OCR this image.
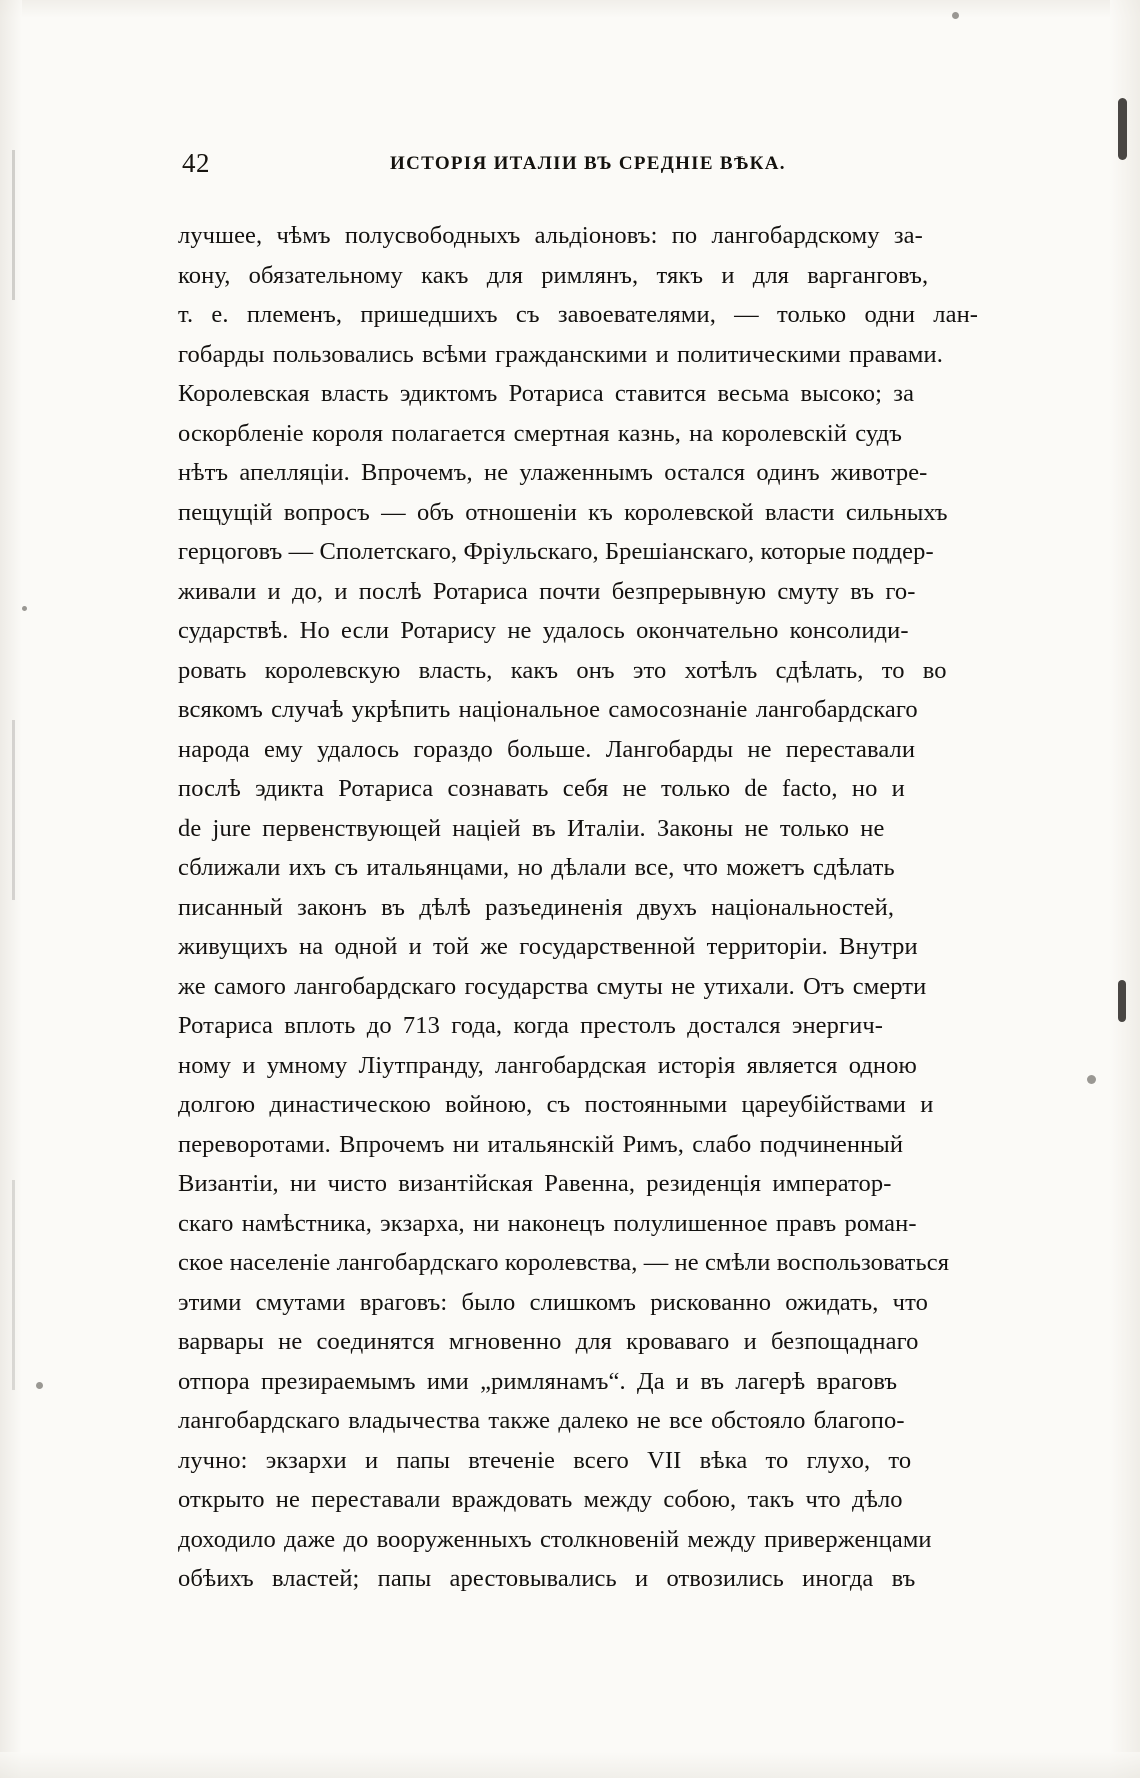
42	ИСТОРІЯ ИТАЛІИ ВЪ СРЕДНІЕ ВѢКА.
лучшее, чѣмъ полусвободныхъ альдіоновъ: по лангобардскому за-
кону, обязательному какъ для римлянъ, тякъ и для варганговъ,
т. е. племенъ, пришедшихъ съ завоевателями, — только одни лан-
гобарды пользовались всѣми гражданскими и политическими правами.
Королевская власть эдиктомъ Ротариса ставится весьма высоко; за
оскорбленіе короля полагается смертная казнь, на королевскій судъ
нѣтъ апелляціи. Впрочемъ, не улаженнымъ остался одинъ животре-
пещущій вопросъ — объ отношеніи къ королевской власти сильныхъ
герцоговъ — Сполетскаго, Фріульскаго, Брешіанскаго, которые поддер-
живали и до, и послѣ Ротариса почти безпрерывную смуту въ го-
сударствѣ. Но если Ротарису не удалось окончательно консолиди-
ровать королевскую власть, какъ онъ это хотѣлъ сдѣлать, то во
всякомъ случаѣ укрѣпить національное самосознаніе лангобардскаго
народа ему удалось гораздо больше. Лангобарды не переставали
послѣ эдикта Ротариса сознавать себя не только de facto, но и
de jure первенствующей націей въ Италіи. Законы не только не
сближали ихъ съ итальянцами, но дѣлали все, что можетъ сдѣлать
писанный законъ въ дѣлѣ разъединенія двухъ національностей,
живущихъ на одной и той же государственной территоріи. Внутри
же самого лангобардскаго государства смуты не утихали. Отъ смерти
Ротариса вплоть до 713 года, когда престолъ достался энергич-
ному и умному Ліутпранду, лангобардская исторія является одною
долгою династическою войною, съ постоянными цареубійствами и
переворотами. Впрочемъ ни итальянскій Римъ, слабо подчиненный
Византіи, ни чисто византійская Равенна, резиденція император-
скаго намѣстника, экзарха, ни наконецъ полулишенное правъ роман-
ское населеніе лангобардскаго королевства, — не смѣли воспользоваться
этими смутами враговъ: было слишкомъ рискованно ожидать, что
варвары не соединятся мгновенно для кроваваго и безпощаднаго
отпора презираемымъ ими „римлянамъ“. Да и въ лагерѣ враговъ
лангобардскаго владычества также далеко не все обстояло благопо-
лучно: экзархи и папы втеченіе всего VII вѣка то глухо, то
открыто не переставали враждовать между собою, такъ что дѣло
доходило даже до вооруженныхъ столкновеній между приверженцами
обѣихъ властей; папы арестовывались и отвозились иногда въ
